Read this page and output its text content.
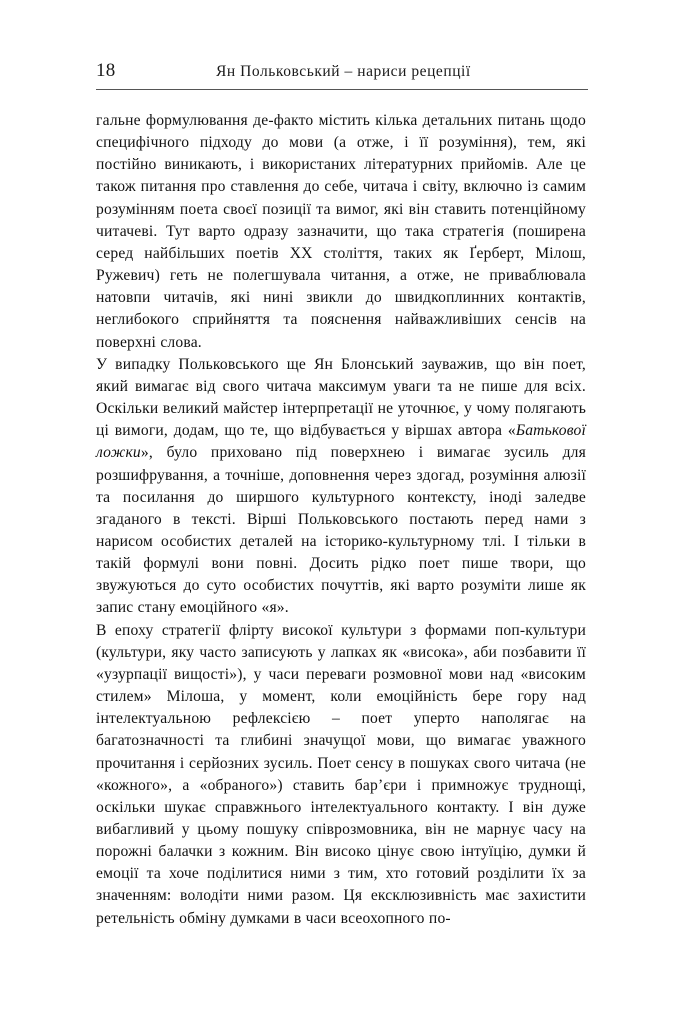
18	Ян Польковський – нариси рецепції

гальне формулювання де-факто містить кілька детальних питань щодо специфічного підходу до мови (а отже, і її розуміння), тем, які постійно виникають, і використаних літературних прийомів. Але це також питання про ставлення до себе, читача і світу, включно із самим розумінням поета своєї позиції та вимог, які він ставить потенційному читачеві. Тут варто одразу зазначити, що така стратегія (поширена серед найбільших поетів ХХ століття, таких як Ґерберт, Мілош, Ружевич) геть не полегшувала читання, а отже, не приваблювала натовпи читачів, які нині звикли до швидкоплинних контактів, неглибокого сприйняття та пояснення найважливіших сенсів на поверхні слова.

У випадку Польковського ще Ян Блонський зауважив, що він поет, який вимагає від свого читача максимум уваги та не пише для всіх. Оскільки великий майстер інтерпретації не уточнює, у чому полягають ці вимоги, додам, що те, що відбувається у віршах автора «Батькової ложки», було приховано під поверхнею і вимагає зусиль для розшифрування, а точніше, доповнення через здогад, розуміння алюзії та посилання до ширшого культурного контексту, іноді заледве згаданого в тексті. Вірші Польковського постають перед нами з нарисом особистих деталей на історико-культурному тлі. І тільки в такій формулі вони повні. Досить рідко поет пише твори, що звужуються до суто особистих почуттів, які варто розуміти лише як запис стану емоційного «я».

В епоху стратегії флірту високої культури з формами поп-культури (культури, яку часто записують у лапках як «висока», аби позбавити її «узурпації вищості»), у часи переваги розмовної мови над «високим стилем» Мілоша, у момент, коли емоційність бере гору над інтелектуальною рефлексією – поет уперто наполягає на багатозначності та глибині значущої мови, що вимагає уважного прочитання і серйозних зусиль. Поет сенсу в пошуках свого читача (не «кожного», а «обраного») ставить бар’єри і примножує труднощі, оскільки шукає справжнього інтелектуального контакту. І він дуже вибагливий у цьому пошуку співрозмовника, він не марнує часу на порожні балачки з кожним. Він високо цінує свою інтуїцію, думки й емоції та хоче поділитися ними з тим, хто готовий розділити їх за значенням: володіти ними разом. Ця ексклюзивність має захистити ретельність обміну думками в часи всеохопного по-
